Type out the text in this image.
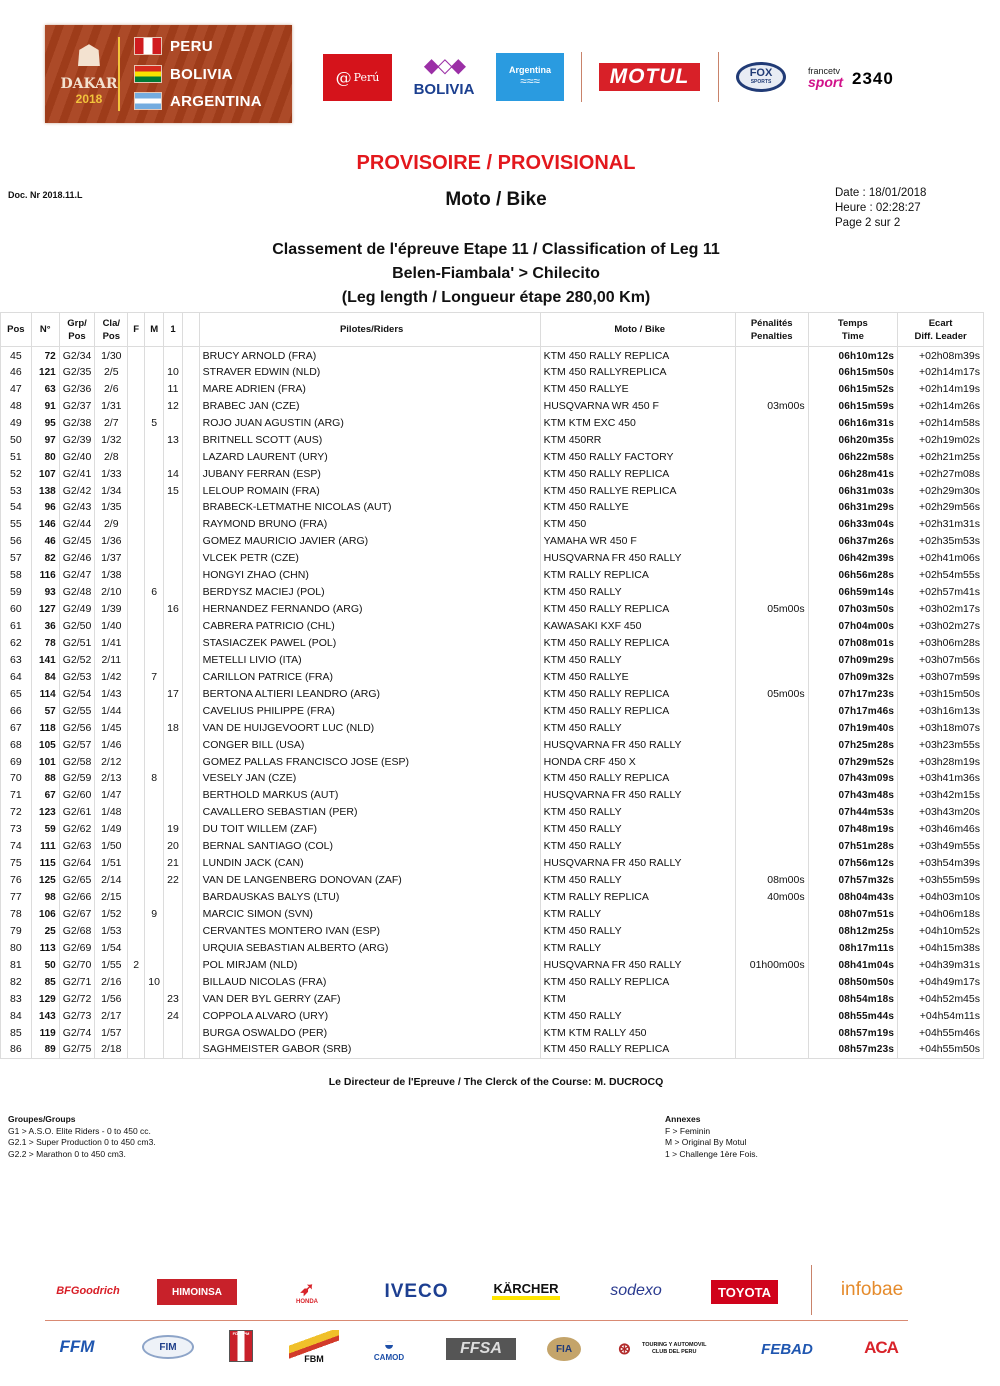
☗
DAKAR
2018
PERU
BOLIVIA
ARGENTINA
@ Perú
◆◇◆
BOLIVIA
Argentina
≈≈≈	MOTUL	FOX
SPORTS
francetv
sport 2340
PROVISOIRE / PROVISIONAL
Doc. Nr 2018.11.L	Moto / Bike	Date : 18/01/2018
Heure : 02:28:27
Page 2 sur 2
Classement de l'épreuve Etape 11 / Classification of Leg 11
Belen-Fiambala' > Chilecito
(Leg length / Longueur étape 280,00 Km)
Pos	N°	Grp/
Pos	Cla/
Pos	F	M	1		Pilotes/Riders	Moto / Bike	Pénalités
Penalties	Temps
Time	Ecart
Diff. Leader
45	72	G2/34	1/30					BRUCY ARNOLD (FRA)	KTM 450 RALLY REPLICA		06h10m12s	+02h08m39s
46	121	G2/35	2/5			10		STRAVER EDWIN (NLD)	KTM 450 RALLYREPLICA		06h15m50s	+02h14m17s
47	63	G2/36	2/6			11		MARE ADRIEN (FRA)	KTM 450 RALLYE		06h15m52s	+02h14m19s
48	91	G2/37	1/31			12		BRABEC JAN (CZE)	HUSQVARNA WR 450 F	03m00s	06h15m59s	+02h14m26s
49	95	G2/38	2/7		5			ROJO JUAN AGUSTIN (ARG)	KTM KTM EXC 450		06h16m31s	+02h14m58s
50	97	G2/39	1/32			13		BRITNELL SCOTT (AUS)	KTM 450RR		06h20m35s	+02h19m02s
51	80	G2/40	2/8					LAZARD LAURENT (URY)	KTM 450 RALLY FACTORY		06h22m58s	+02h21m25s
52	107	G2/41	1/33			14		JUBANY FERRAN (ESP)	KTM 450 RALLY REPLICA		06h28m41s	+02h27m08s
53	138	G2/42	1/34			15		LELOUP ROMAIN (FRA)	KTM 450 RALLYE REPLICA		06h31m03s	+02h29m30s
54	96	G2/43	1/35					BRABECK-LETMATHE NICOLAS (AUT)	KTM 450 RALLYE		06h31m29s	+02h29m56s
55	146	G2/44	2/9					RAYMOND BRUNO (FRA)	KTM 450		06h33m04s	+02h31m31s
56	46	G2/45	1/36					GOMEZ MAURICIO JAVIER (ARG)	YAMAHA WR 450 F		06h37m26s	+02h35m53s
57	82	G2/46	1/37					VLCEK PETR (CZE)	HUSQVARNA FR 450 RALLY		06h42m39s	+02h41m06s
58	116	G2/47	1/38					HONGYI ZHAO (CHN)	KTM RALLY REPLICA		06h56m28s	+02h54m55s
59	93	G2/48	2/10		6			BERDYSZ MACIEJ (POL)	KTM 450 RALLY		06h59m14s	+02h57m41s
60	127	G2/49	1/39			16		HERNANDEZ FERNANDO (ARG)	KTM 450 RALLY REPLICA	05m00s	07h03m50s	+03h02m17s
61	36	G2/50	1/40					CABRERA PATRICIO (CHL)	KAWASAKI KXF 450		07h04m00s	+03h02m27s
62	78	G2/51	1/41					STASIACZEK PAWEL (POL)	KTM 450 RALLY REPLICA		07h08m01s	+03h06m28s
63	141	G2/52	2/11					METELLI LIVIO (ITA)	KTM 450 RALLY		07h09m29s	+03h07m56s
64	84	G2/53	1/42		7			CARILLON PATRICE (FRA)	KTM 450 RALLYE		07h09m32s	+03h07m59s
65	114	G2/54	1/43			17		BERTONA ALTIERI LEANDRO (ARG)	KTM 450 RALLY REPLICA	05m00s	07h17m23s	+03h15m50s
66	57	G2/55	1/44					CAVELIUS PHILIPPE (FRA)	KTM 450 RALLY REPLICA		07h17m46s	+03h16m13s
67	118	G2/56	1/45			18		VAN DE HUIJGEVOORT LUC (NLD)	KTM 450 RALLY		07h19m40s	+03h18m07s
68	105	G2/57	1/46					CONGER BILL (USA)	HUSQVARNA FR 450 RALLY		07h25m28s	+03h23m55s
69	101	G2/58	2/12					GOMEZ PALLAS FRANCISCO JOSE (ESP)	HONDA CRF 450 X		07h29m52s	+03h28m19s
70	88	G2/59	2/13		8			VESELY JAN (CZE)	KTM 450 RALLY REPLICA		07h43m09s	+03h41m36s
71	67	G2/60	1/47					BERTHOLD MARKUS (AUT)	HUSQVARNA FR 450 RALLY		07h43m48s	+03h42m15s
72	123	G2/61	1/48					CAVALLERO SEBASTIAN (PER)	KTM 450 RALLY		07h44m53s	+03h43m20s
73	59	G2/62	1/49			19		DU TOIT WILLEM (ZAF)	KTM 450 RALLY		07h48m19s	+03h46m46s
74	111	G2/63	1/50			20		BERNAL SANTIAGO (COL)	KTM 450 RALLY		07h51m28s	+03h49m55s
75	115	G2/64	1/51			21		LUNDIN JACK (CAN)	HUSQVARNA FR 450 RALLY		07h56m12s	+03h54m39s
76	125	G2/65	2/14			22		VAN DE LANGENBERG DONOVAN (ZAF)	KTM 450 RALLY	08m00s	07h57m32s	+03h55m59s
77	98	G2/66	2/15					BARDAUSKAS BALYS (LTU)	KTM RALLY REPLICA	40m00s	08h04m43s	+04h03m10s
78	106	G2/67	1/52		9			MARCIC SIMON (SVN)	KTM RALLY		08h07m51s	+04h06m18s
79	25	G2/68	1/53					CERVANTES MONTERO IVAN (ESP)	KTM 450 RALLY		08h12m25s	+04h10m52s
80	113	G2/69	1/54					URQUIA SEBASTIAN ALBERTO (ARG)	KTM RALLY		08h17m11s	+04h15m38s
81	50	G2/70	1/55	2				POL MIRJAM (NLD)	HUSQVARNA FR 450 RALLY	01h00m00s	08h41m04s	+04h39m31s
82	85	G2/71	2/16		10			BILLAUD NICOLAS (FRA)	KTM 450 RALLY REPLICA		08h50m50s	+04h49m17s
83	129	G2/72	1/56			23		VAN DER BYL GERRY (ZAF)	KTM		08h54m18s	+04h52m45s
84	143	G2/73	2/17			24		COPPOLA ALVARO (URY)	KTM 450 RALLY		08h55m44s	+04h54m11s
85	119	G2/74	1/57					BURGA OSWALDO (PER)	KTM KTM RALLY 450		08h57m19s	+04h55m46s
86	89	G2/75	2/18					SAGHMEISTER GABOR (SRB)	KTM 450 RALLY REPLICA		08h57m23s	+04h55m50s
Le Directeur de l'Epreuve / The Clerck of the Course: M. DUCROCQ
Groupes/Groups
G1 > A.S.O. Elite Riders - 0 to 450 cc.
G2.1 > Super Production 0 to 450 cm3.
G2.2 > Marathon 0 to 450 cm3.
Annexes
F > Feminin
M > Original By Motul
1 > Challenge 1ère Fois.
BFGoodrich	HIMOINSA	➶
HONDA	IVECO	KÄRCHER	sodexo	TOYOTA	infobae
FFM	FIM
FDPEPM
FBM
◒
CAMOD	FFSA	FIA	⊛	TOURING Y AUTOMOVIL CLUB DEL PERU	FEBAD	ACA
